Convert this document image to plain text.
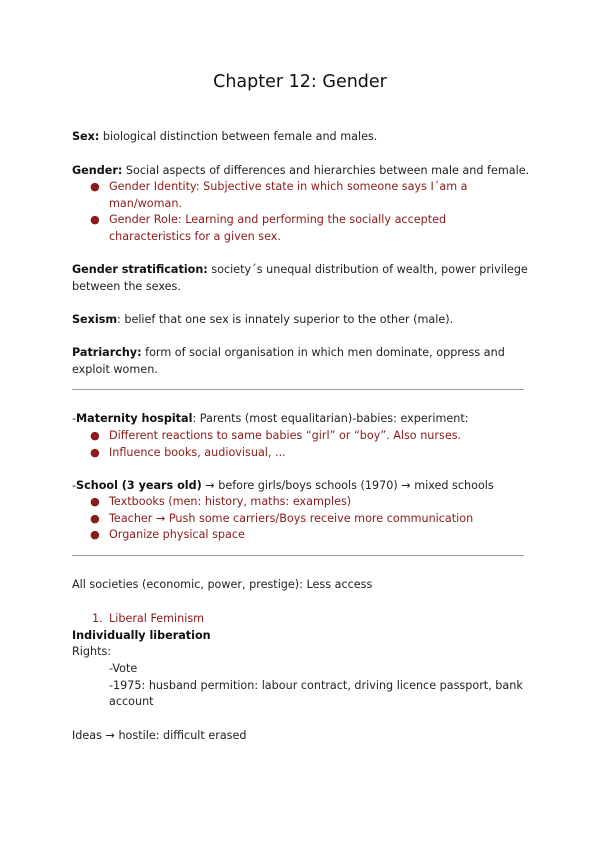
Chapter 12: Gender
Sex: biological distinction between female and males.
Gender: Social aspects of differences and hierarchies between male and female.
● Gender Identity: Subjective state in which someone says I´am a
man/woman.
● Gender Role: Learning and performing the socially accepted
characteristics for a given sex.
Gender stratification: society´s unequal distribution of wealth, power privilege
between the sexes.
Sexism: belief that one sex is innately superior to the other (male).
Patriarchy: form of social organisation in which men dominate, oppress and
exploit women.
-Maternity hospital: Parents (most equalitarian)-babies: experiment:
● Different reactions to same babies “girl” or “boy”. Also nurses.
● Influence books, audiovisual, ...
-School (3 years old) → before girls/boys schools (1970) → mixed schools
● Textbooks (men: history, maths: examples)
● Teacher → Push some carriers/Boys receive more communication
● Organize physical space
All societies (economic, power, prestige): Less access
1. Liberal Feminism
Individually liberation
Rights:
-Vote
-1975: husband permition: labour contract, driving licence passport, bank
account
Ideas → hostile: difficult erased
